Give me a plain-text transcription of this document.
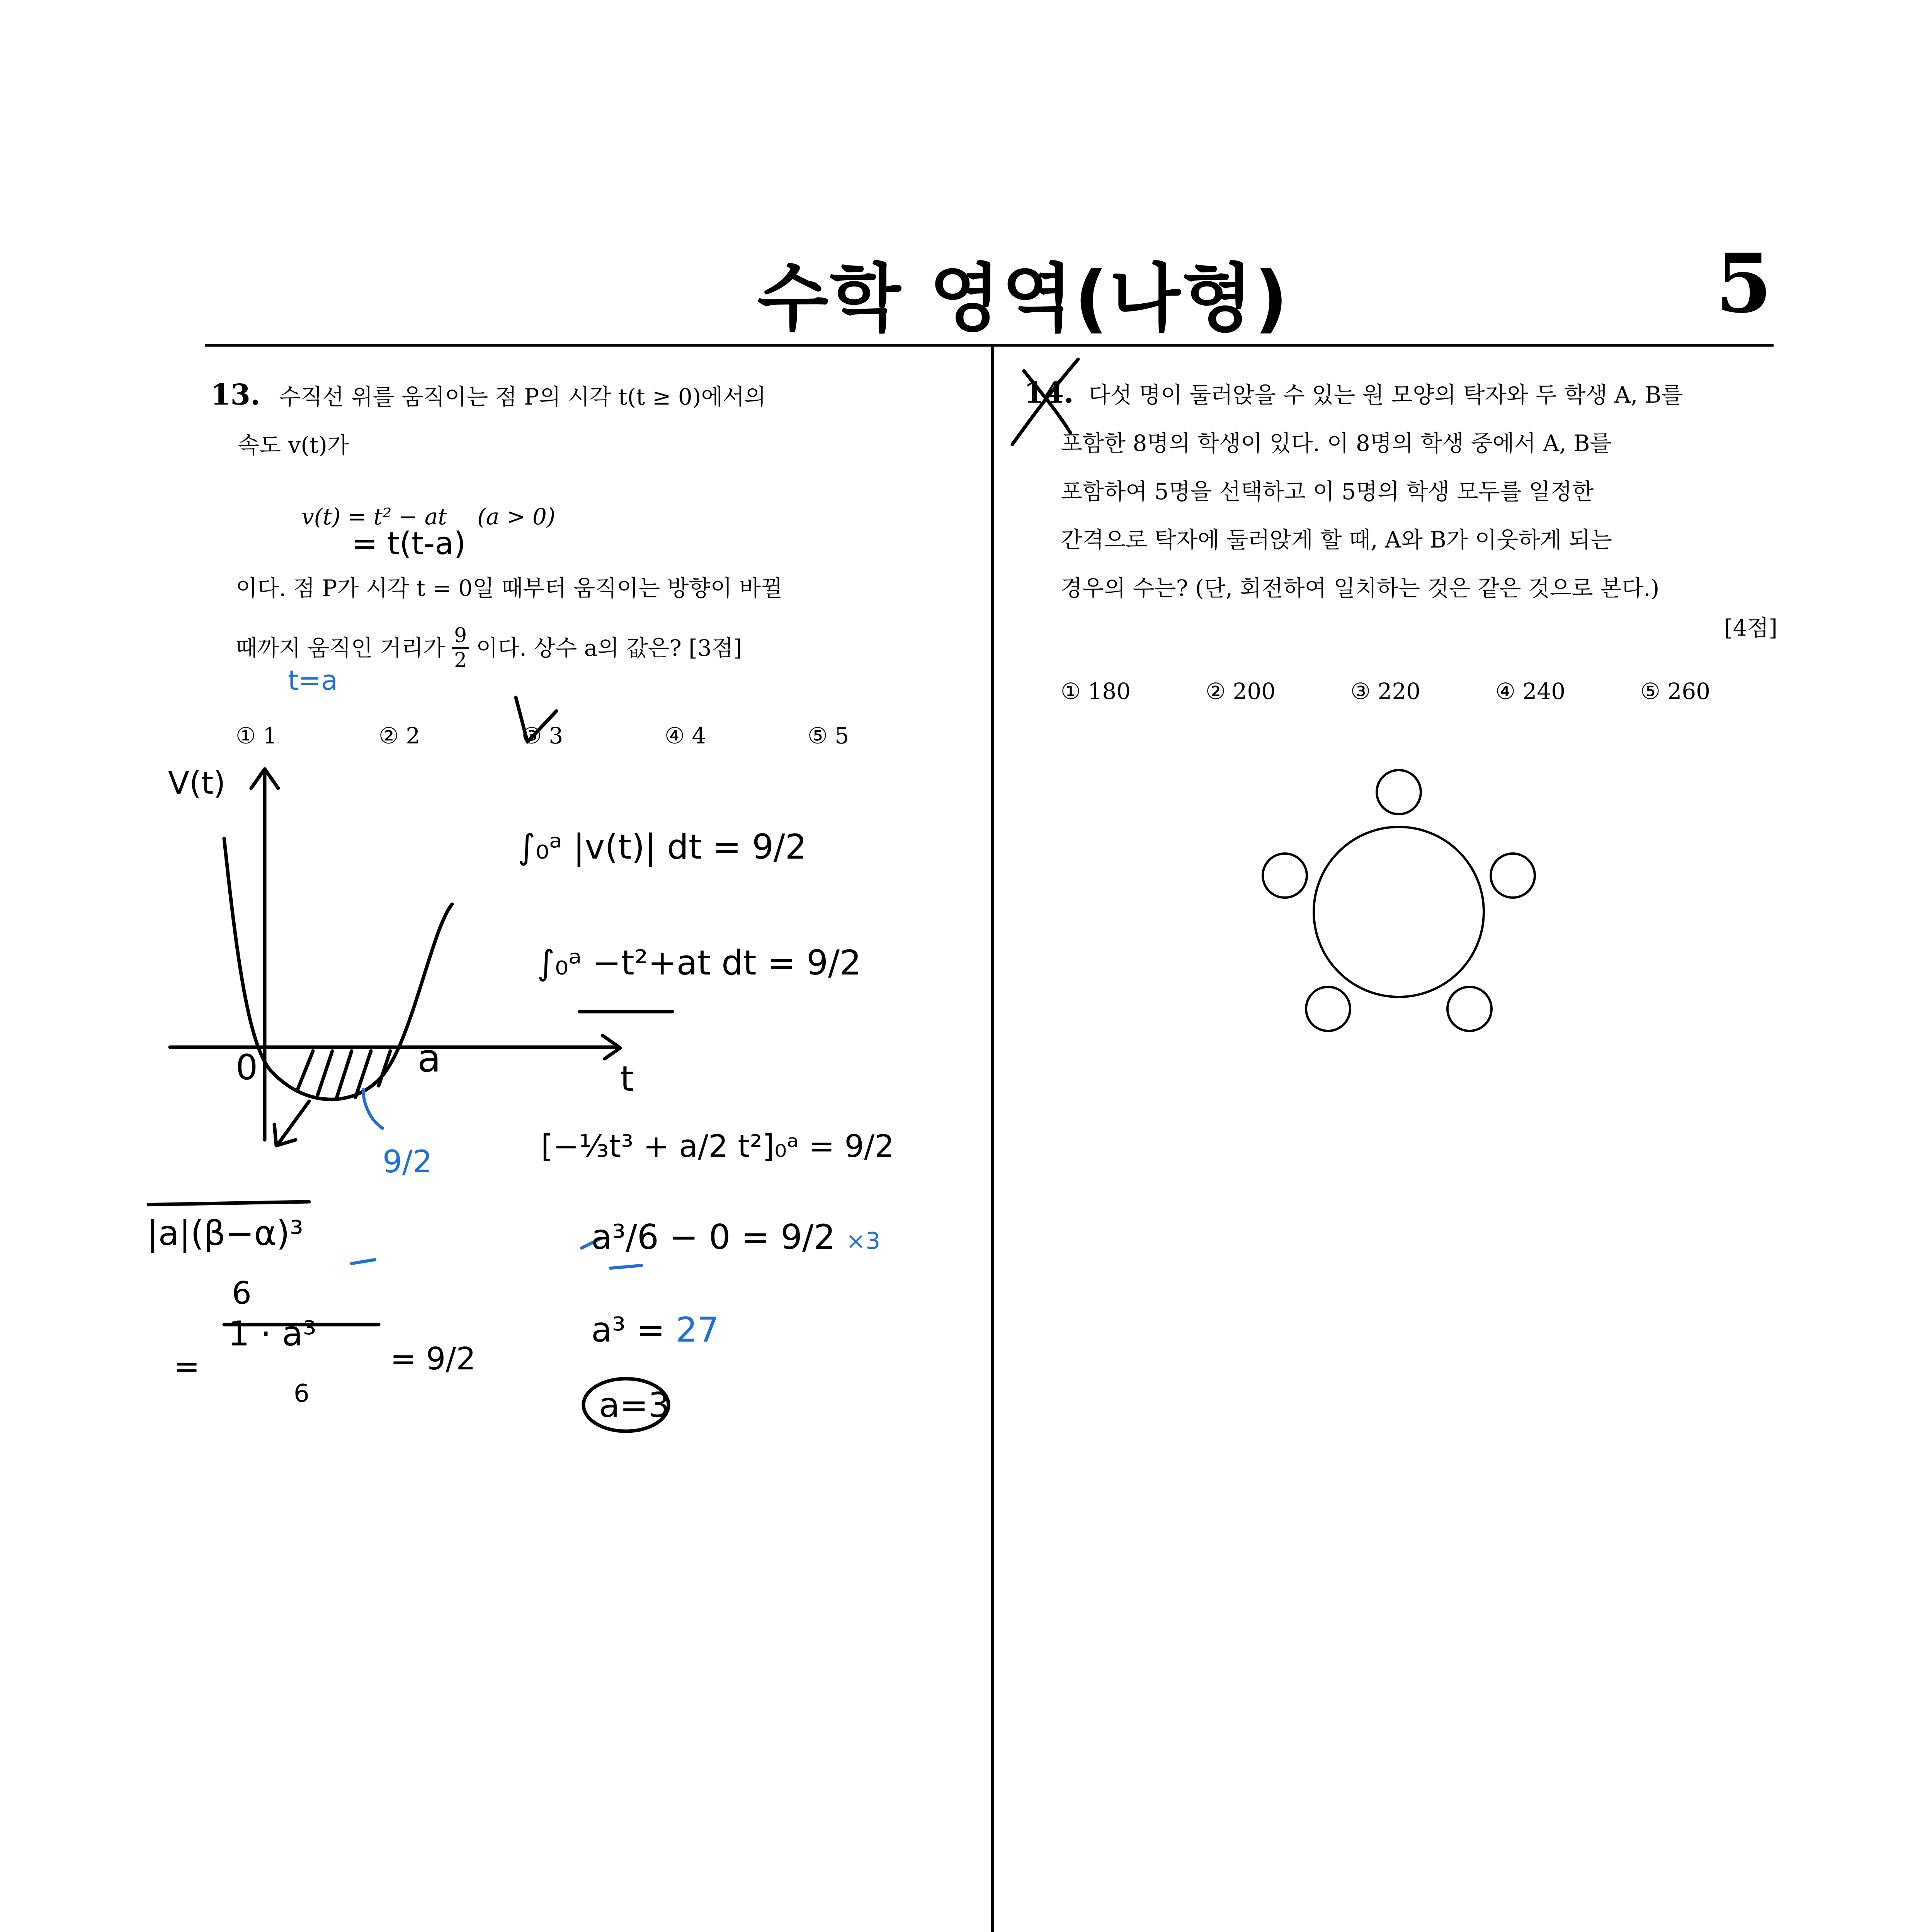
수학 영역(나형)	5
13. 수직선 위를 움직이는 점 P의 시각 t(t ≥ 0)에서의
속도 v(t)가
v(t) = t² − at (a > 0)
이다. 점 P가 시각 t = 0일 때부터 움직이는 방향이 바뀔
때까지 움직인 거리가 $\frac{9}{2}$ 이다. 상수 a의 값은? [3점]
① 1	② 2	③ 3	④ 4	⑤ 5
14. 다섯 명이 둘러앉을 수 있는 원 모양의 탁자와 두 학생 A, B를
포함한 8명의 학생이 있다. 이 8명의 학생 중에서 A, B를
포함하여 5명을 선택하고 이 5명의 학생 모두를 일정한
간격으로 탁자에 둘러앉게 할 때, A와 B가 이웃하게 되는
경우의 수는? (단, 회전하여 일치하는 것은 같은 것으로 본다.)
[4점]
① 180	② 200	③ 220	④ 240	⑤ 260
= t(t-a)
t=a
V(t)
t
0	a
9/2
∫₀ᵃ |v(t)| dt = 9/2
∫₀ᵃ −t²+at dt = 9/2
[−⅓t³ + a/2 t²]₀ᵃ = 9/2
a³/6 − 0 = 9/2 ×3
a³ = 27
a=3
|a|(β−α)³
6
=
1 · a³
6
= 9/2
